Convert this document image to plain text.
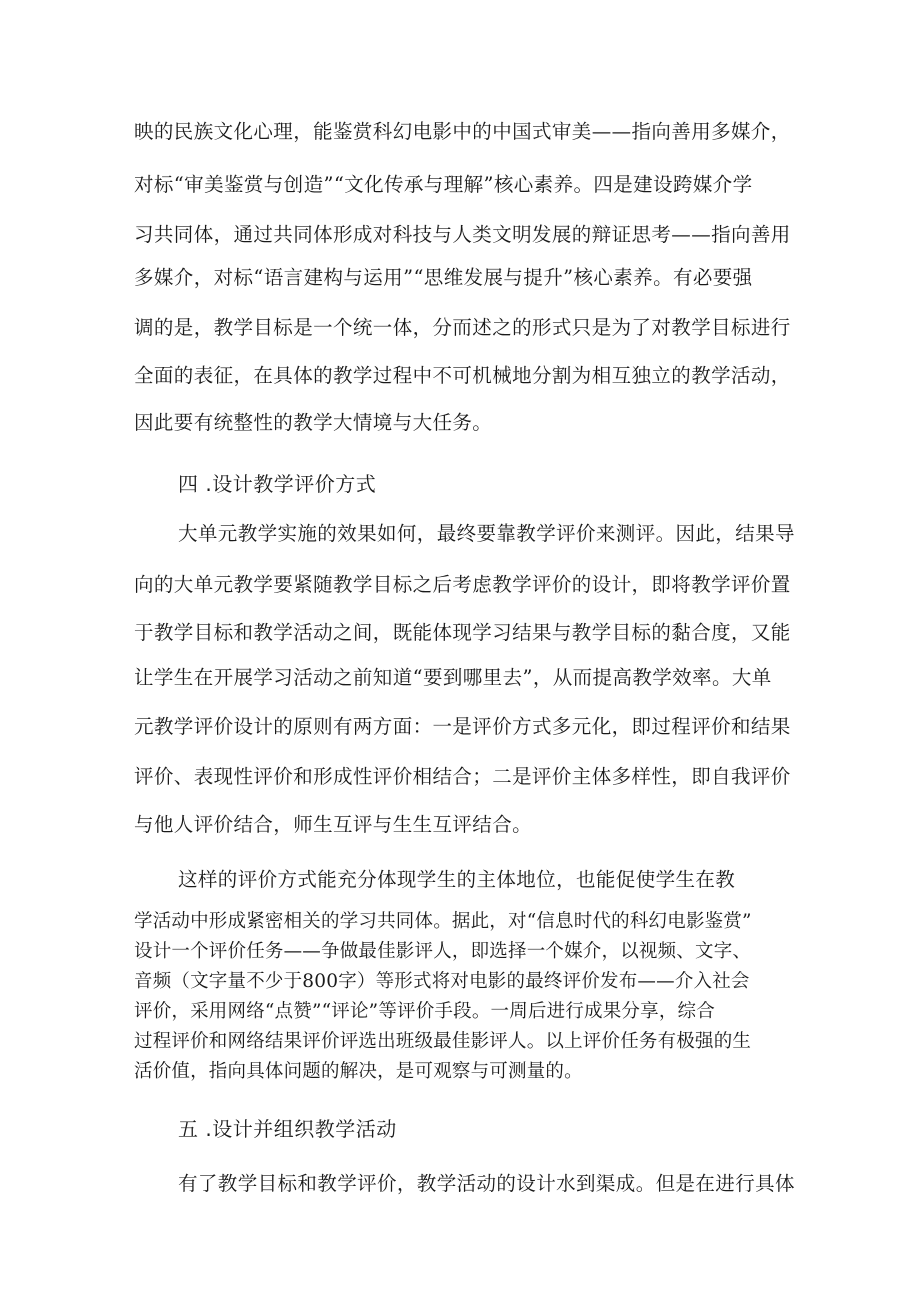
映的民族文化心理，能鉴赏科幻电影中的中国式审美——指向善用多媒介，
对标“审美鉴赏与创造”“文化传承与理解”核心素养。四是建设跨媒介学
习共同体，通过共同体形成对科技与人类文明发展的辩证思考——指向善用
多媒介，对标“语言建构与运用”“思维发展与提升”核心素养。有必要强
调的是，教学目标是一个统一体，分而述之的形式只是为了对教学目标进行
全面的表征，在具体的教学过程中不可机械地分割为相互独立的教学活动，
因此要有统整性的教学大情境与大任务。
四 .设计教学评价方式
大单元教学实施的效果如何，最终要靠教学评价来测评。因此，结果导
向的大单元教学要紧随教学目标之后考虑教学评价的设计，即将教学评价置
于教学目标和教学活动之间，既能体现学习结果与教学目标的黏合度，又能
让学生在开展学习活动之前知道“要到哪里去”，从而提高教学效率。大单
元教学评价设计的原则有两方面：一是评价方式多元化，即过程评价和结果
评价、表现性评价和形成性评价相结合；二是评价主体多样性，即自我评价
与他人评价结合，师生互评与生生互评结合。
这样的评价方式能充分体现学生的主体地位，也能促使学生在教
学活动中形成紧密相关的学习共同体。据此，对“信息时代的科幻电影鉴赏”
设计一个评价任务——争做最佳影评人，即选择一个媒介，以视频、文字、
音频（文字量不少于800字）等形式将对电影的最终评价发布——介入社会
评价，采用网络“点赞”“评论”等评价手段。一周后进行成果分享，综合
过程评价和网络结果评价评选出班级最佳影评人。以上评价任务有极强的生
活价值，指向具体问题的解决，是可观察与可测量的。
五 .设计并组织教学活动
有了教学目标和教学评价，教学活动的设计水到渠成。但是在进行具体
